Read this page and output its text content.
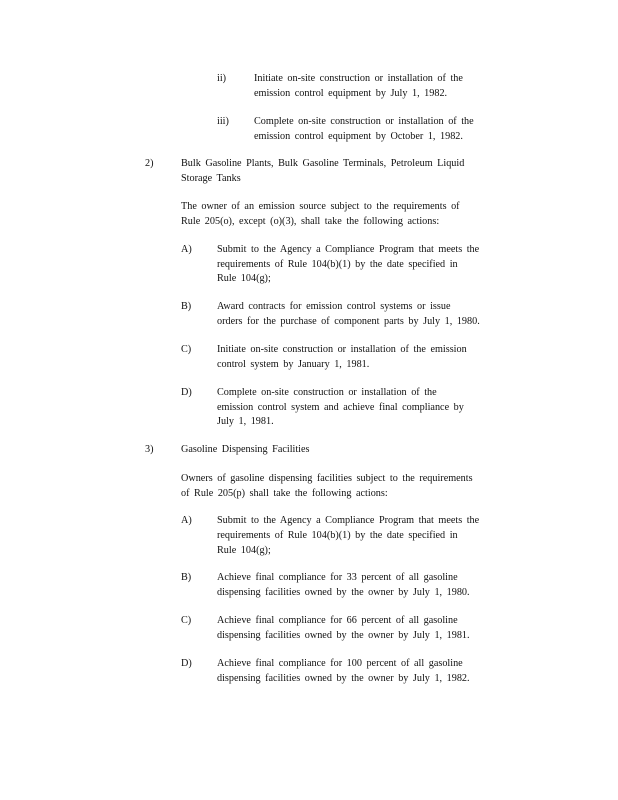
ii)	Initiate on-site construction or installation of the
emission control equipment by July 1, 1982.
iii) Complete on-site construction or installation of the
emission control equipment by October 1, 1982.
2)	Bulk Gasoline Plants, Bulk Gasoline Terminals, Petroleum Liquid
Storage Tanks
The owner of an emission source subject to the requirements of
Rule 205(o), except (o)(3), shall take the following actions:
A) Submit to the Agency a Compliance Program that meets the
requirements of Rule 104(b)(1) by the date specified in
Rule 104(g);
B)	Award contracts for emission control systems or issue
orders for the purchase of component parts by July 1, 1980.
C)	Initiate on-site construction or installation of the emission
control system by January 1, 1981.
D) Complete on-site construction or installation of the
emission control system and achieve final compliance by
July 1, 1981.
3)	Gasoline Dispensing Facilities
Owners of gasoline dispensing facilities subject to the requirements
of Rule 205(p) shall take the following actions:
A) Submit to the Agency a Compliance Program that meets the
requirements of Rule 104(b)(1) by the date specified in
Rule 104(g);
B)	Achieve final compliance for 33 percent of all gasoline
dispensing facilities owned by the owner by July 1, 1980.
C)	Achieve final compliance for 66 percent of all gasoline
dispensing facilities owned by the owner by July 1, 1981.
D) Achieve final compliance for 100 percent of all gasoline
dispensing facilities owned by the owner by July 1, 1982.
